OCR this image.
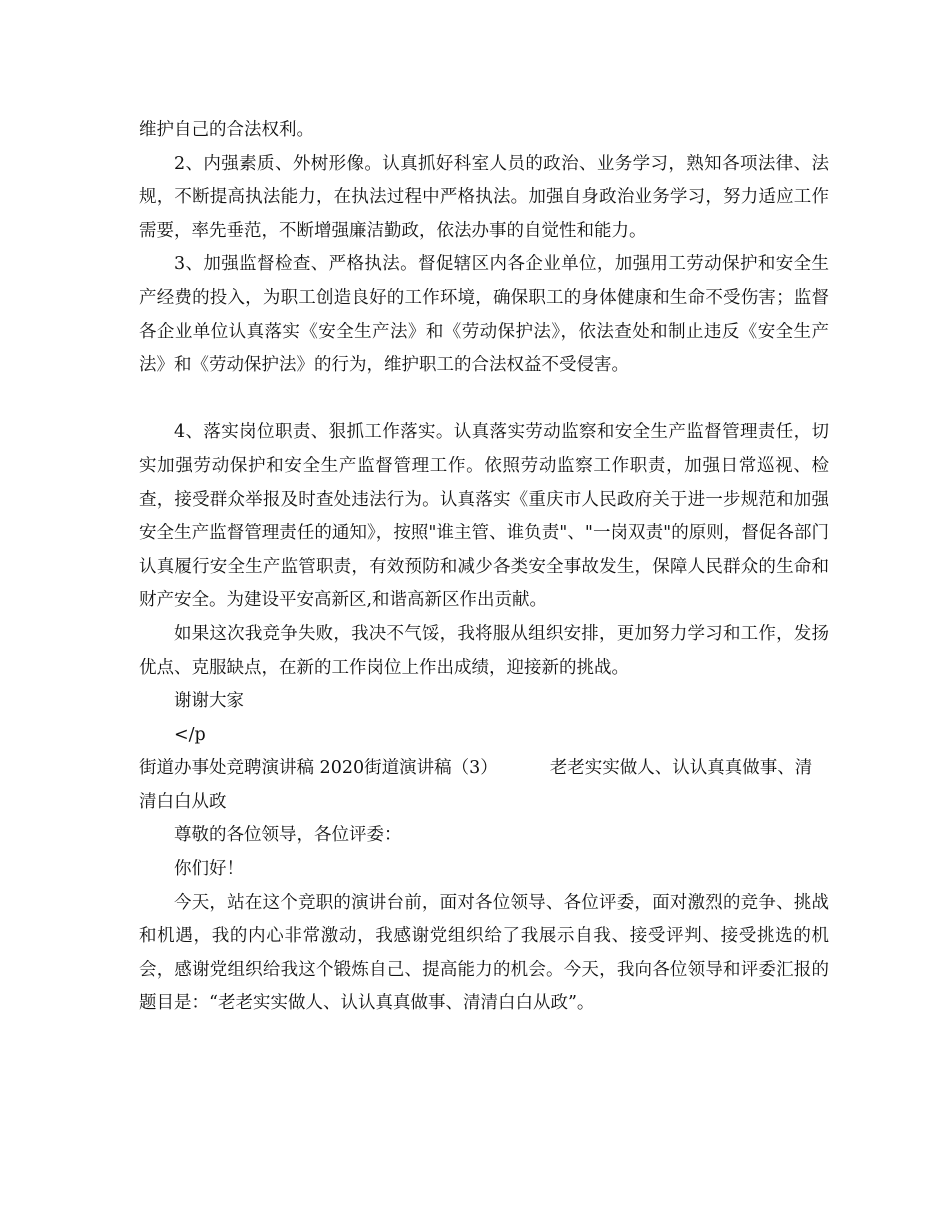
维护自己的合法权利。

2、内强素质、外树形像。认真抓好科室人员的政治、业务学习，熟知各项法律、法规，不断提高执法能力，在执法过程中严格执法。加强自身政治业务学习，努力适应工作需要，率先垂范，不断增强廉洁勤政，依法办事的自觉性和能力。

3、加强监督检查、严格执法。督促辖区内各企业单位，加强用工劳动保护和安全生产经费的投入，为职工创造良好的工作环境，确保职工的身体健康和生命不受伤害；监督各企业单位认真落实《安全生产法》和《劳动保护法》，依法查处和制止违反《安全生产法》和《劳动保护法》的行为，维护职工的合法权益不受侵害。

4、落实岗位职责、狠抓工作落实。认真落实劳动监察和安全生产监督管理责任，切实加强劳动保护和安全生产监督管理工作。依照劳动监察工作职责，加强日常巡视、检查，接受群众举报及时查处违法行为。认真落实《重庆市人民政府关于进一步规范和加强安全生产监督管理责任的通知》，按照"谁主管、谁负责"、"一岗双责"的原则，督促各部门认真履行安全生产监管职责，有效预防和减少各类安全事故发生，保障人民群众的生命和财产安全。为建设平安高新区,和谐高新区作出贡献。

如果这次我竞争失败，我决不气馁，我将服从组织安排，更加努力学习和工作，发扬优点、克服缺点，在新的工作岗位上作出成绩，迎接新的挑战。

谢谢大家

</p

街道办事处竞聘演讲稿 2020街道演讲稿（3）	老老实实做人、认认真真做事、清清白白从政

尊敬的各位领导，各位评委：

你们好！

今天，站在这个竞职的演讲台前，面对各位领导、各位评委，面对激烈的竞争、挑战和机遇，我的内心非常激动，我感谢党组织给了我展示自我、接受评判、接受挑选的机会，感谢党组织给我这个锻炼自己、提高能力的机会。今天，我向各位领导和评委汇报的题目是：“老老实实做人、认认真真做事、清清白白从政”。
